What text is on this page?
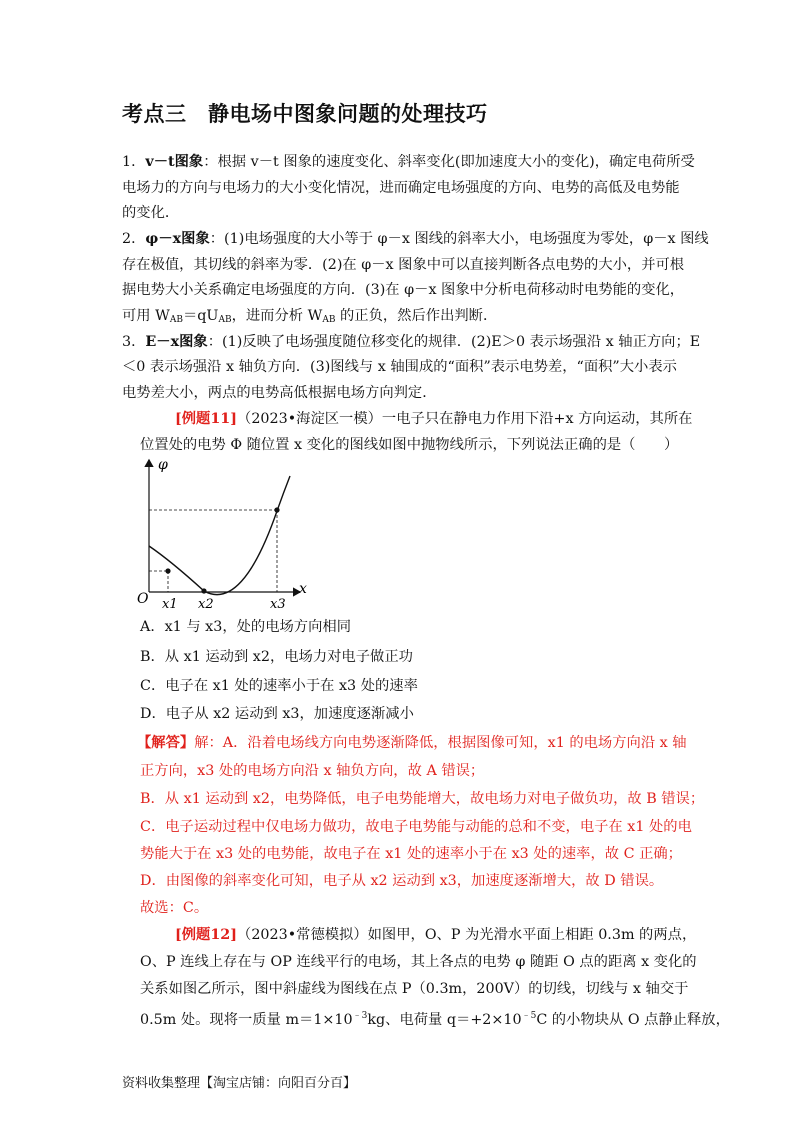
考点三　静电场中图象问题的处理技巧
1．v－t图象：根据 v－t 图象的速度变化、斜率变化(即加速度大小的变化)，确定电荷所受
电场力的方向与电场力的大小变化情况，进而确定电场强度的方向、电势的高低及电势能
的变化．
2．φ－x图象：(1)电场强度的大小等于 φ－x 图线的斜率大小，电场强度为零处，φ－x 图线
存在极值，其切线的斜率为零．(2)在 φ－x 图象中可以直接判断各点电势的大小，并可根
据电势大小关系确定电场强度的方向．(3)在 φ－x 图象中分析电荷移动时电势能的变化，
可用 $W_{AB}=qU_{AB}$，进而分析 $W_{AB}$ 的正负，然后作出判断．
3．E－x图象：(1)反映了电场强度随位移变化的规律．(2)E＞0 表示场强沿 x 轴正方向；E
＜0 表示场强沿 x 轴负方向．(3)图线与 x 轴围成的“面积”表示电势差，“面积”大小表示
电势差大小，两点的电势高低根据电场方向判定．
[例题11]（2023•海淀区一模）一电子只在静电力作用下沿+x 方向运动，其所在
位置处的电势 Φ 随位置 x 变化的图线如图中抛物线所示，下列说法正确的是（　　）
φ
x
O x1 x2	x3
A．x1 与 x3，处的电场方向相同
B．从 x1 运动到 x2，电场力对电子做正功
C．电子在 x1 处的速率小于在 x3 处的速率
D．电子从 x2 运动到 x3，加速度逐渐减小
【解答】解：A．沿着电场线方向电势逐渐降低，根据图像可知，x1 的电场方向沿 x 轴
正方向，x3 处的电场方向沿 x 轴负方向，故 A 错误；
B．从 x1 运动到 x2，电势降低，电子电势能增大，故电场力对电子做负功，故 B 错误；
C．电子运动过程中仅电场力做功，故电子电势能与动能的总和不变，电子在 x1 处的电
势能大于在 x3 处的电势能，故电子在 x1 处的速率小于在 x3 处的速率，故 C 正确；
D．由图像的斜率变化可知，电子从 x2 运动到 x3，加速度逐渐增大，故 D 错误。
故选：C。
[例题12]（2023•常德模拟）如图甲，O、P 为光滑水平面上相距 0.3m 的两点，
O、P 连线上存在与 OP 连线平行的电场，其上各点的电势 φ 随距 O 点的距离 x 变化的
关系如图乙所示，图中斜虚线为图线在点 P（0.3m，200V）的切线，切线与 x 轴交于
0.5m 处。现将一质量 $m=1\times 10^{﹣3}kg$、电荷量 $q=+2\times 10^{﹣5}C$ 的小物块从 O 点静止释放，
资料收集整理【淘宝店铺：向阳百分百】
